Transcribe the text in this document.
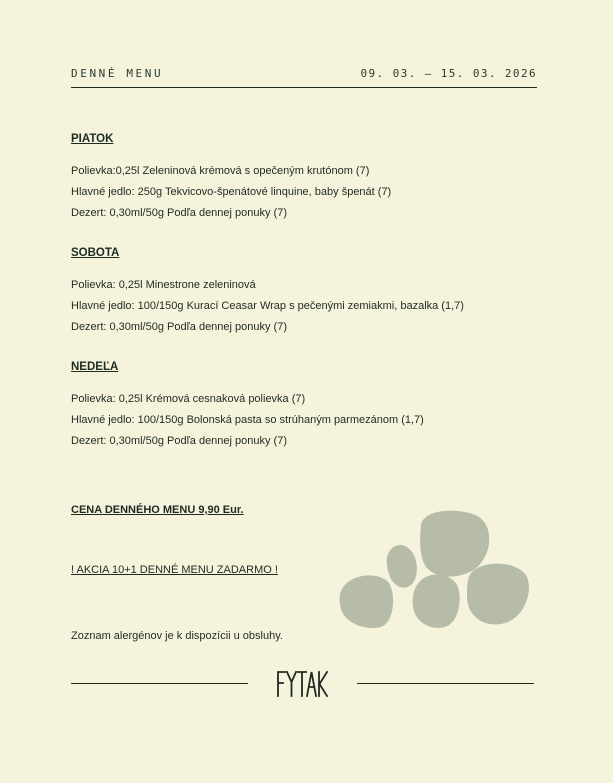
DENNÉ MENU	09. 03. – 15. 03. 2026
PIATOK
Polievka:0,25l Zeleninová krémová s opečeným krutónom (7)
Hlavné jedlo: 250g Tekvicovo-špenátové linquine, baby špenát (7)
Dezert: 0,30ml/50g Podľa dennej ponuky (7)
SOBOTA
Polievka: 0,25l Minestrone zeleninová
Hlavné jedlo: 100/150g Kurací Ceasar Wrap s pečenými zemiakmi, bazalka (1,7)
Dezert: 0,30ml/50g Podľa dennej ponuky (7)
NEDEĽA
Polievka: 0,25l Krémová cesnaková polievka (7)
Hlavné jedlo: 100/150g Bolonská pasta so strúhaným parmezánom (1,7)
Dezert: 0,30ml/50g Podľa dennej ponuky (7)
CENA DENNÉHO MENU 9,90 Eur.
! AKCIA 10+1 DENNÉ MENU ZADARMO !
Zoznam alergénov je k dispozícii u obsluhy.
